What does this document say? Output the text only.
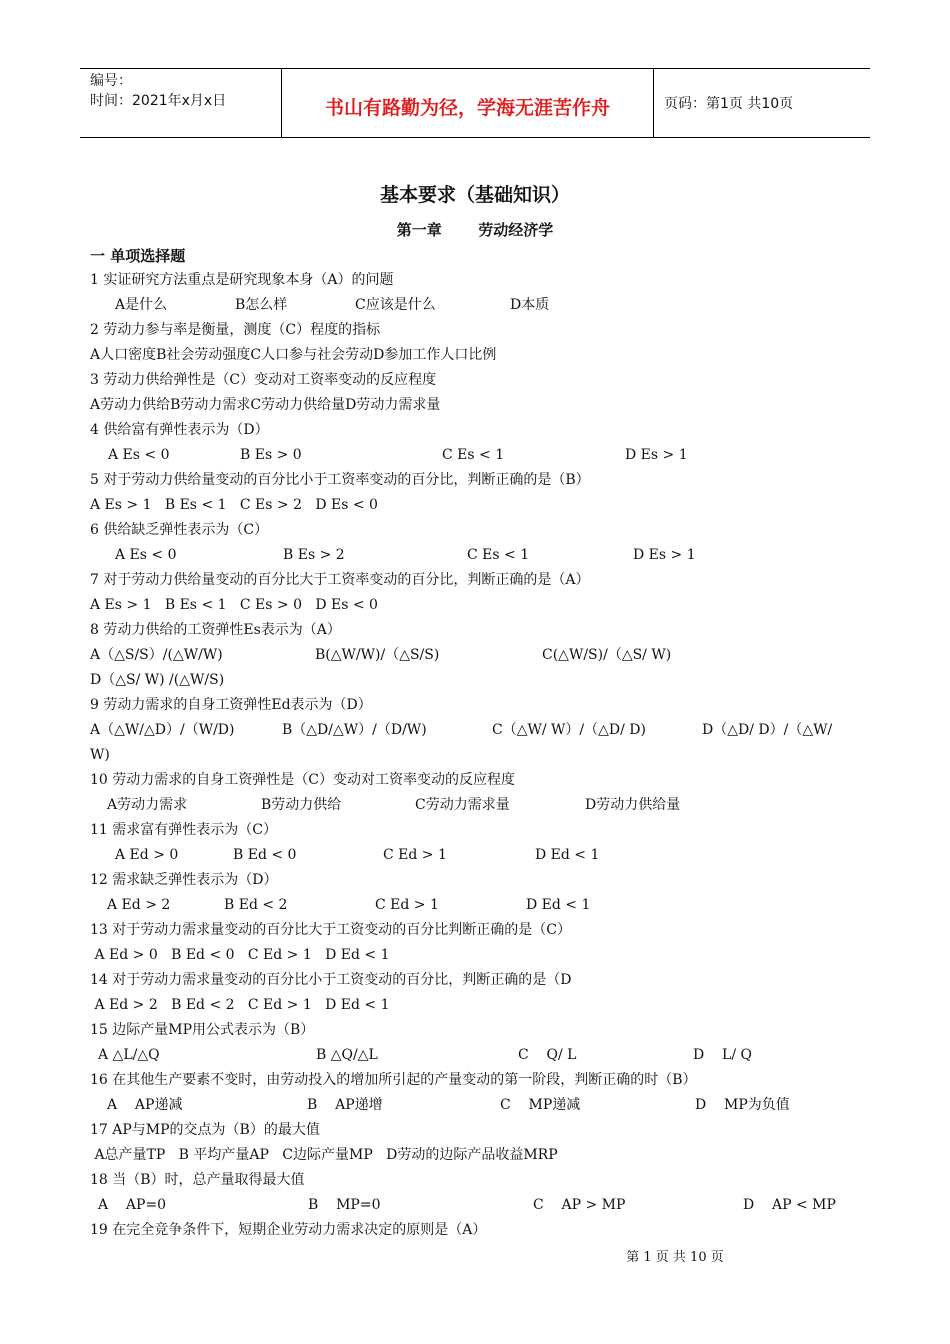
编号：
时间：2021年x月x日	书山有路勤为径，学海无涯苦作舟	页码：第1页 共10页
基本要求（基础知识）
第一章 劳动经济学
一 单项选择题
1 实证研究方法重点是研究现象本身（A）的问题
A是什么	B怎么样	C应该是什么	D本质
2 劳动力参与率是衡量，测度（C）程度的指标
A人口密度B社会劳动强度C人口参与社会劳动D参加工作人口比例
3 劳动力供给弹性是（C）变动对工资率变动的反应程度
A劳动力供给B劳动力需求C劳动力供给量D劳动力需求量
4 供给富有弹性表示为（D）
A Es < 0	B Es > 0	C Es < 1	D Es > 1
5 对于劳动力供给量变动的百分比小于工资率变动的百分比，判断正确的是（B）
A Es > 1   B Es < 1   C Es > 2   D Es < 0
6 供给缺乏弹性表示为（C）
A Es < 0	B Es > 2	C Es < 1	D Es > 1
7 对于劳动力供给量变动的百分比大于工资率变动的百分比，判断正确的是（A）
A Es > 1   B Es < 1   C Es > 0   D Es < 0
8 劳动力供给的工资弹性Es表示为（A）
A（△S/S）/(△W/W)	B(△W/W)/（△S/S)	C(△W/S)/（△S/ W)
D（△S/ W) /(△W/S)
9 劳动力需求的自身工资弹性Ed表示为（D）
A（△W/△D）/（W/D)	B（△D/△W）/（D/W)	C（△W/ W）/（△D/ D)	D（△D/ D）/（△W/
W)
10 劳动力需求的自身工资弹性是（C）变动对工资率变动的反应程度
A劳动力需求	B劳动力供给	C劳动力需求量	D劳动力供给量
11 需求富有弹性表示为（C）
A Ed > 0	B Ed < 0	C Ed > 1	D Ed < 1
12 需求缺乏弹性表示为（D）
A Ed > 2	B Ed < 2	C Ed > 1	D Ed < 1
13 对于劳动力需求量变动的百分比大于工资变动的百分比判断正确的是（C）
A Ed > 0   B Ed < 0   C Ed > 1   D Ed < 1
14 对于劳动力需求量变动的百分比小于工资变动的百分比，判断正确的是（D
A Ed > 2   B Ed < 2   C Ed > 1   D Ed < 1
15 边际产量MP用公式表示为（B）
A △L/△Q	B △Q/△L	C    Q/ L	D    L/ Q
16 在其他生产要素不变时，由劳动投入的增加所引起的产量变动的第一阶段，判断正确的时（B）
A    AP递减	B    AP递增	C    MP递减	D    MP为负值
17 AP与MP的交点为（B）的最大值
A总产量TP   B 平均产量AP   C边际产量MP   D劳动的边际产品收益MRP
18 当（B）时，总产量取得最大值
A    AP=0	B    MP=0	C    AP > MP	D    AP < MP
19 在完全竞争条件下，短期企业劳动力需求决定的原则是（A）
第 1 页 共 10 页
